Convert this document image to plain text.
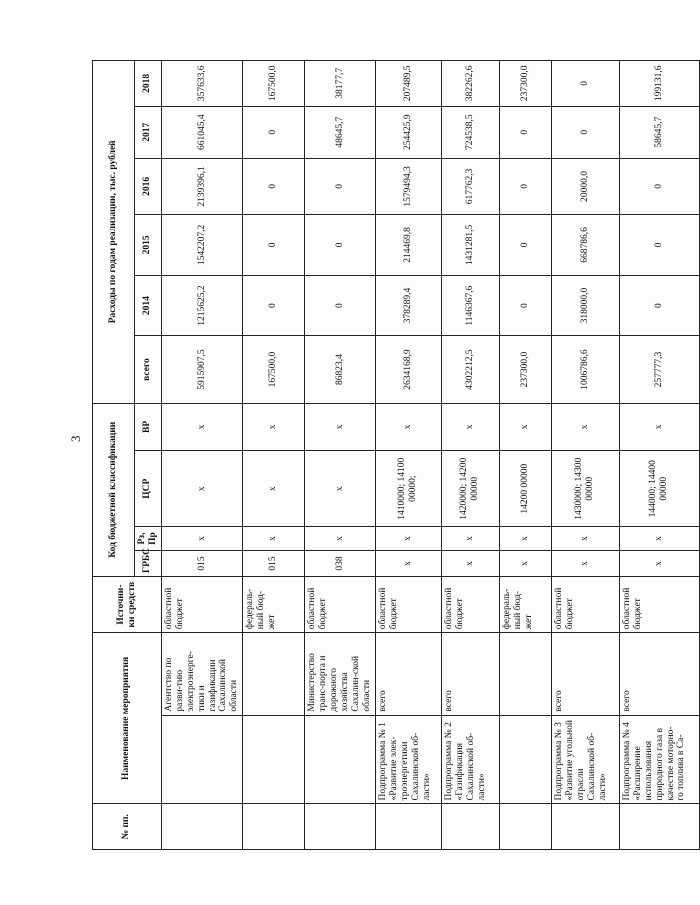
3
№ пп.	Наименование мероприятия		Источни-ки средств	Код бюджетной классификации				Расходы по годам реализации, тыс. рублей					
				ГРБС	Рз, Пр	ЦСР	ВР	всего	2014	2015	2016	2017	2018
		Агентство по разви-тию электроэнерге-тики и газификации Сахалинской области	областной бюджет	015	х	х	х	5915907,5	1215625,2	1542207,2	2139396,1	661045,4	357633,6
			федераль-ный бюд-жет	015	х	х	х	167500,0	0	0	0	0	167500,0
		Министерство транс-порта и дорожного хозяйства Сахалин-ской области	областной бюджет	038	х	х	х	86823,4	0	0	0	48645,7	38177,7
	Подпрограмма № 1 «Развитие элек-троэнергетики Сахалинской об-ласти»	всего	областной бюджет	х	х	1410000; 14100 00000;	х	2634168,9	378289,4	214469,8	1579494,3	254425,9	207489,5
	Подпрограмма № 2 «Газификация Сахалинской об-ласти»	всего	областной бюджет	х	х	1420000; 14200 00000	х	4302212,5	1146367,6	1431281,5	617762,3	724538,5	382262,6
			федераль-ный бюд-жет	х	х	14200 00000	х	237300,0	0	0	0	0	237300,0
	Подпрограмма № 3 «Развитие угольной отрасли Сахалинской об-ласти»	всего	областной бюджет	х	х	1430000; 14300 00000	х	1006786,6	318000,0	668786,6	20000,0	0	0
	Подпрограмма № 4 «Расширение использования природного газа в качестве моторно-го топлива в Са-	всего	областной бюджет	х	х	144000; 14400 00000	х	257777,3	0	0	0	58645,7	199131,6
